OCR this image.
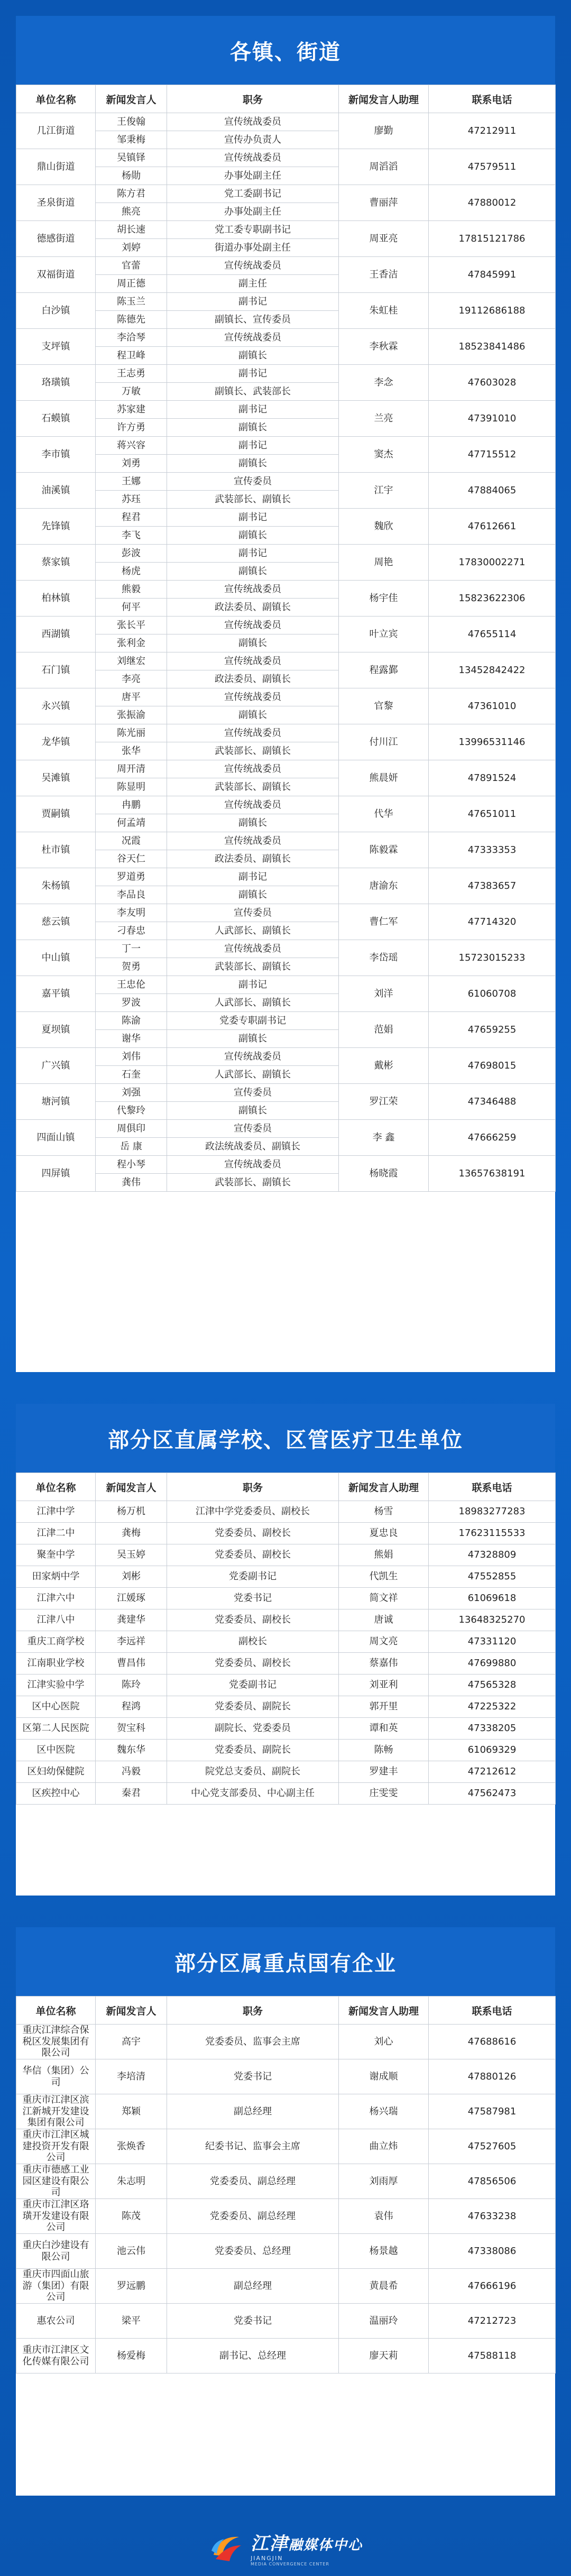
各镇、街道
单位名称	新闻发言人	职务	新闻发言人助理	联系电话
几江街道	王俊翰	宣传统战委员	廖勤	47212911
	邹秉梅	宣传办负责人		
鼎山街道	吴镇铎	宣传统战委员	周滔滔	47579511
	杨勋	办事处副主任		
圣泉街道	陈方君	党工委副书记	曹丽萍	47880012
	熊亮	办事处副主任		
德感街道	胡长速	党工委专职副书记	周亚亮	17815121786
	刘婷	街道办事处副主任		
双福街道	官蕾	宣传统战委员	王香洁	47845991
	周正德	副主任		
白沙镇	陈玉兰	副书记	朱虹桂	19112686188
	陈德先	副镇长、宣传委员		
支坪镇	李洽琴	宣传统战委员	李秋霖	18523841486
	程卫峰	副镇长		
珞璜镇	王志勇	副书记	李念	47603028
	万敏	副镇长、武装部长		
石蟆镇	苏家建	副书记	兰亮	47391010
	许方勇	副镇长		
李市镇	蒋兴容	副书记	窦杰	47715512
	刘勇	副镇长		
油溪镇	王娜	宣传委员	江宇	47884065
	苏珏	武装部长、副镇长		
先锋镇	程君	副书记	魏欣	47612661
	李飞	副镇长		
蔡家镇	彭波	副书记	周艳	17830002271
	杨虎	副镇长		
柏林镇	熊毅	宣传统战委员	杨宇佳	15823622306
	何平	政法委员、副镇长		
西湖镇	张长平	宣传统战委员	叶立宾	47655114
	张利金	副镇长		
石门镇	刘继宏	宣传统战委员	程露鄞	13452842422
	李亮	政法委员、副镇长		
永兴镇	唐平	宣传统战委员	官黎	47361010
	张振渝	副镇长		
龙华镇	陈光丽	宣传统战委员	付川江	13996531146
	张华	武装部长、副镇长		
吴滩镇	周开清	宣传统战委员	熊晨妍	47891524
	陈显明	武装部长、副镇长		
贾嗣镇	冉鹏	宣传统战委员	代华	47651011
	何孟靖	副镇长		
杜市镇	况霞	宣传统战委员	陈毅霖	47333353
	谷天仁	政法委员、副镇长		
朱杨镇	罗道勇	副书记	唐渝东	47383657
	李品良	副镇长		
慈云镇	李友明	宣传委员	曹仁军	47714320
	刁春忠	人武部长、副镇长		
中山镇	丁一	宣传统战委员	李岱瑶	15723015233
	贺勇	武装部长、副镇长		
嘉平镇	王忠伦	副书记	刘洋	61060708
	罗波	人武部长、副镇长		
夏坝镇	陈渝	党委专职副书记	范娟	47659255
	谢华	副镇长		
广兴镇	刘伟	宣传统战委员	戴彬	47698015
	石奎	人武部长、副镇长		
塘河镇	刘强	宣传委员	罗江荣	47346488
	代黎玲	副镇长		
四面山镇	周俱印	宣传委员	李 鑫	47666259
	岳 康	政法统战委员、副镇长		
四屏镇	程小琴	宣传统战委员	杨晓霞	13657638191
	龚伟	武装部长、副镇长		
部分区直属学校、区管医疗卫生单位
单位名称	新闻发言人	职务	新闻发言人助理	联系电话
江津中学	杨万机	江津中学党委委员、副校长	杨雪	18983277283
江津二中	龚梅	党委委员、副校长	夏忠良	17623115533
聚奎中学	吴玉婷	党委委员、副校长	熊娟	47328809
田家炳中学	刘彬	党委副书记	代凯生	47552855
江津六中	江媛琢	党委书记	简文祥	61069618
江津八中	龚建华	党委委员、副校长	唐诚	13648325270
重庆工商学校	李远祥	副校长	周文亮	47331120
江南职业学校	曹昌伟	党委委员、副校长	蔡嘉伟	47699880
江津实验中学	陈玲	党委副书记	刘亚利	47565328
区中心医院	程鸿	党委委员、副院长	郭开里	47225322
区第二人民医院	贺宝科	副院长、党委委员	谭和英	47338205
区中医院	魏东华	党委委员、副院长	陈畅	61069329
区妇幼保健院	冯毅	院党总支委员、副院长	罗建丰	47212612
区疾控中心	秦君	中心党支部委员、中心副主任	庄雯雯	47562473
部分区属重点国有企业
单位名称	新闻发言人	职务	新闻发言人助理	联系电话
重庆江津综合保税区发展集团有限公司	高宇	党委委员、监事会主席	刘心	47688616
华信（集团）公司	李培清	党委书记	谢成顺	47880126
重庆市江津区滨江新城开发建设集团有限公司	郑颖	副总经理	杨兴瑞	47587981
重庆市江津区城建投资开发有限公司	张焕香	纪委书记、监事会主席	曲立炜	47527605
重庆市德感工业园区建设有限公司	朱志明	党委委员、副总经理	刘雨厚	47856506
重庆市江津区珞璜开发建设有限公司	陈茂	党委委员、副总经理	袁伟	47633238
重庆白沙建设有限公司	池云伟	党委委员、总经理	杨景越	47338086
重庆市四面山旅游（集团）有限公司	罗远鹏	副总经理	黄晨希	47666196
惠农公司	梁平	党委书记	温丽玲	47212723
重庆市江津区文化传媒有限公司	杨爱梅	副书记、总经理	廖天莉	47588118
江津融媒体中心
JIANGJIN
MEDIA CONVERGENCE CENTER
